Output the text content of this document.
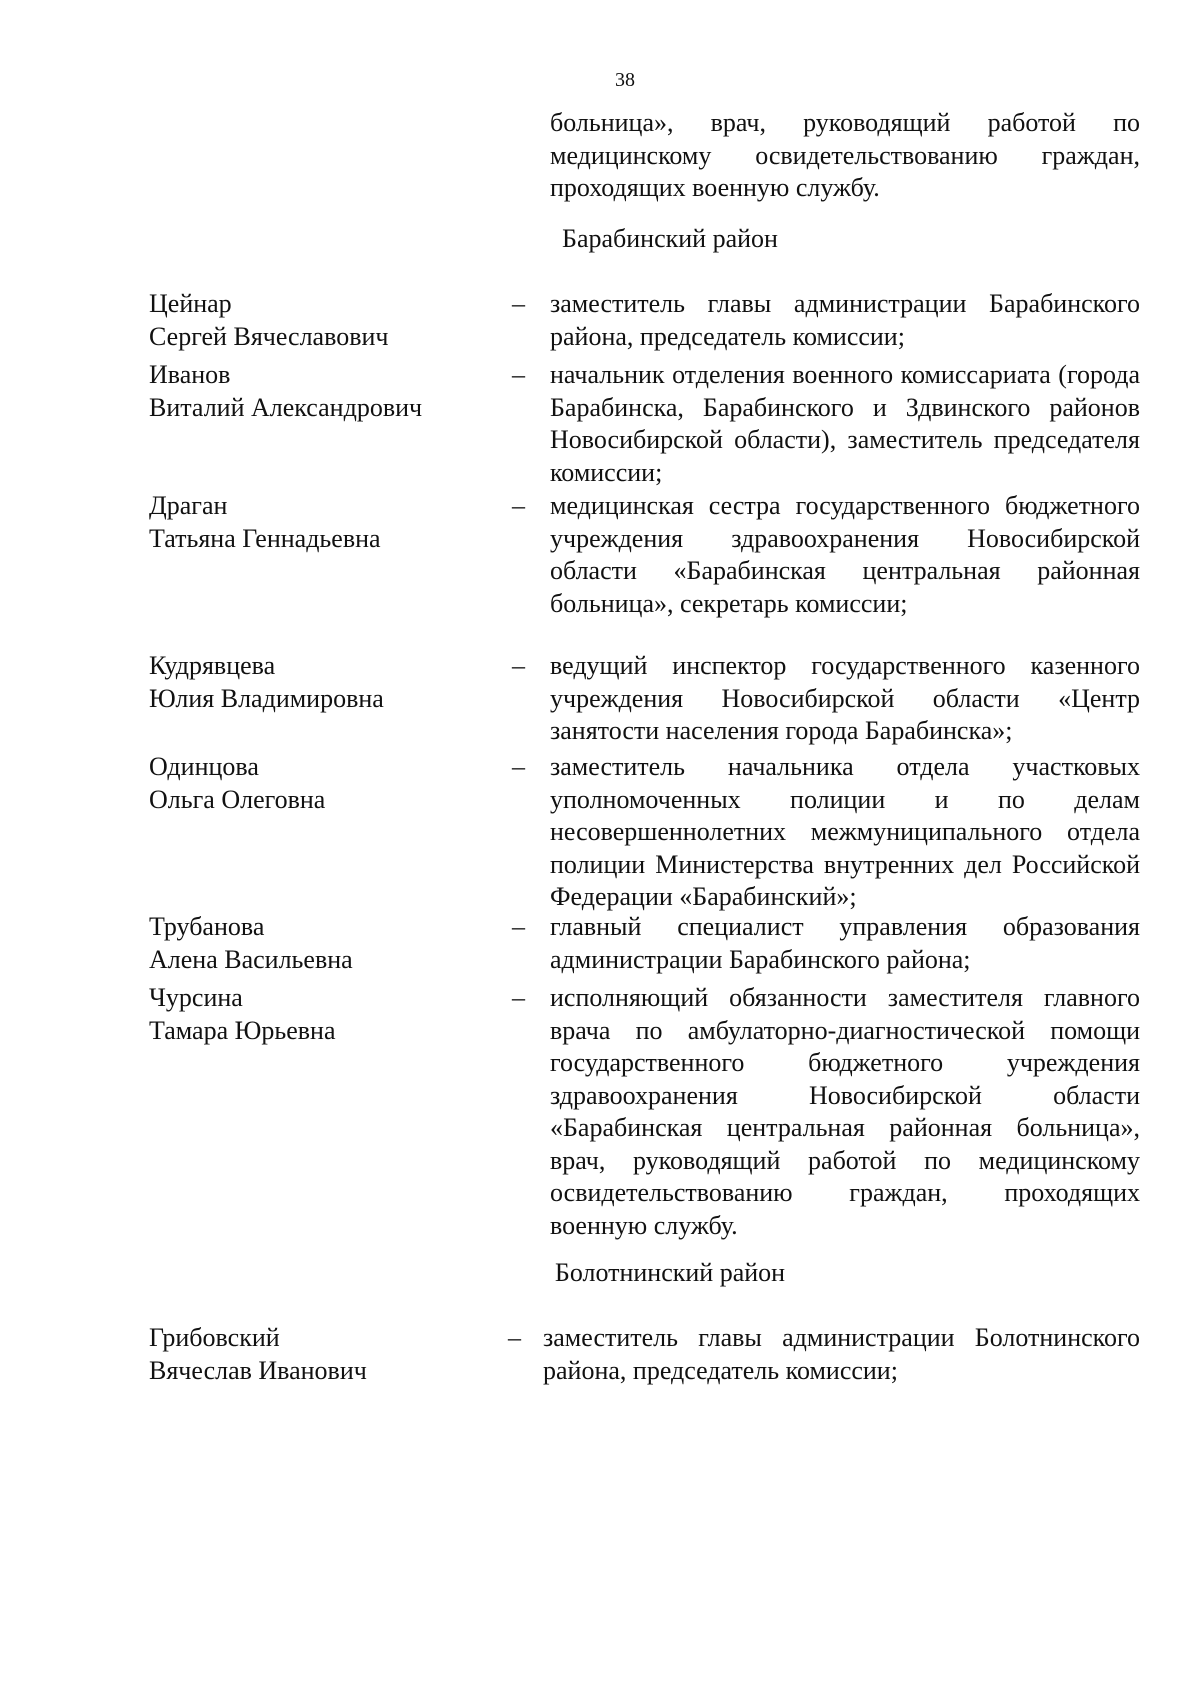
38
больница», врач, руководящий работой по медицинскому освидетельствованию граждан, проходящих военную службу.
Барабинский район
Цейнар
Сергей Вячеславович
– заместитель главы администрации Барабинского района, председатель комиссии;
Иванов
Виталий Александрович
– начальник отделения военного комиссариата (города Барабинска, Барабинского и Здвинского районов Новосибирской области), заместитель председателя комиссии;
Драган
Татьяна Геннадьевна
– медицинская сестра государственного бюджетного учреждения здравоохранения Новосибирской области «Барабинская центральная районная больница», секретарь комиссии;
Кудрявцева
Юлия Владимировна
– ведущий инспектор государственного казенного учреждения Новосибирской области «Центр занятости населения города Барабинска»;
Одинцова
Ольга Олеговна
– заместитель начальника отдела участковых уполномоченных полиции и по делам несовершеннолетних межмуниципального отдела полиции Министерства внутренних дел Российской Федерации «Барабинский»;
Трубанова
Алена Васильевна
– главный специалист управления образования администрации Барабинского района;
Чурсина
Тамара Юрьевна
– исполняющий обязанности заместителя главного врача по амбулаторно-диагностической помощи государственного бюджетного учреждения здравоохранения Новосибирской области «Барабинская центральная районная больница», врач, руководящий работой по медицинскому освидетельствованию граждан, проходящих военную службу.
Болотнинский район
Грибовский
Вячеслав Иванович
– заместитель главы администрации Болотнинского района, председатель комиссии;
